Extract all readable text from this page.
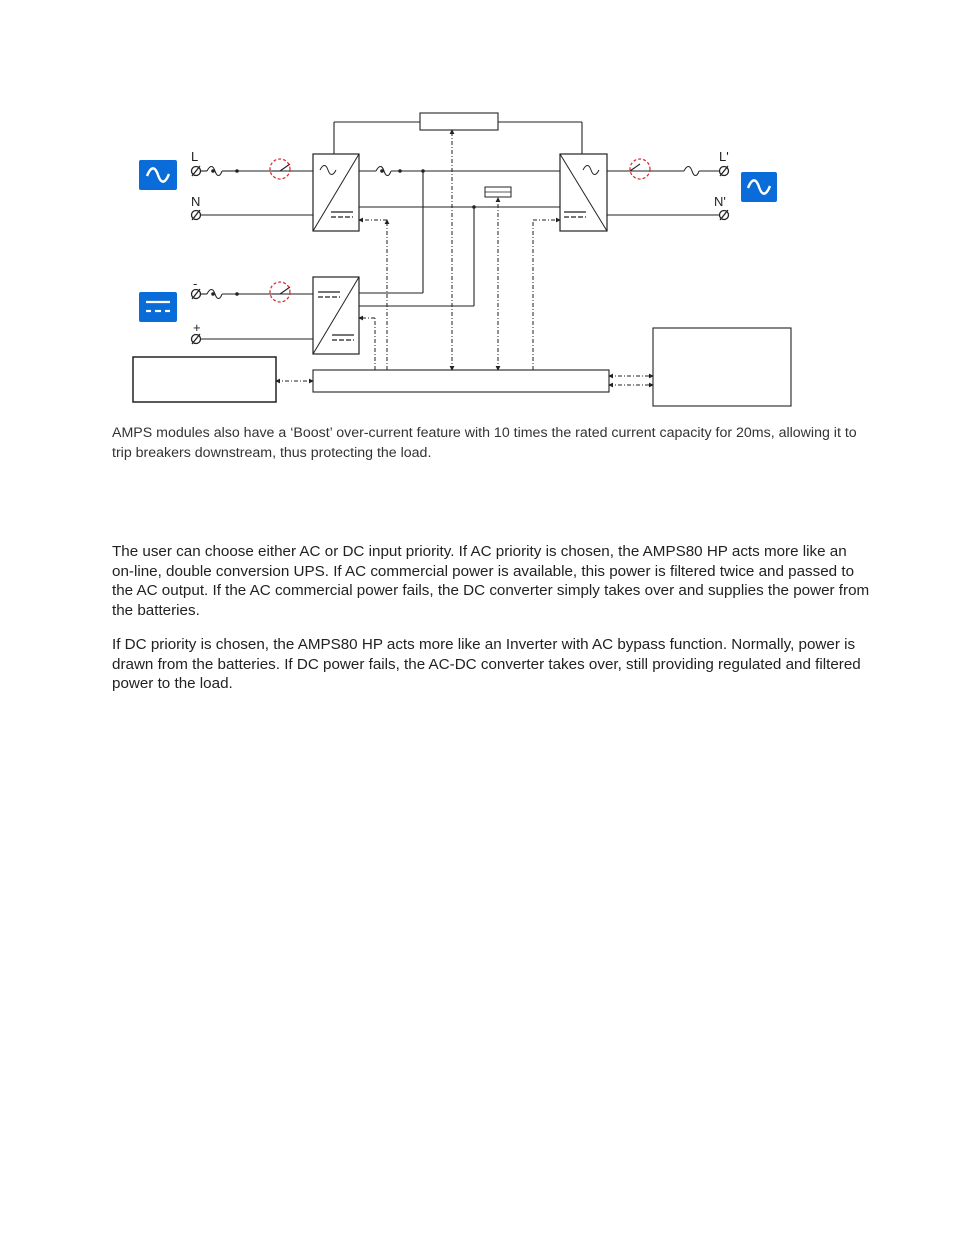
L
N
-
+
L'
N'

AMPS modules also have a ‘Boost’ over-current feature with 10 times the rated current capacity for 20ms, allowing it to trip breakers downstream, thus protecting the load.

The user can choose either AC or DC input priority. If AC priority is chosen, the AMPS80 HP acts more like an on-line, double conversion UPS. If AC commercial power is available, this power is filtered twice and passed to the AC output. If the AC commercial power fails, the DC converter simply takes over and supplies the power from the batteries.

If DC priority is chosen, the AMPS80 HP acts more like an Inverter with AC bypass function. Normally, power is drawn from the batteries. If DC power fails, the AC-DC converter takes over, still providing regulated and filtered power to the load.
